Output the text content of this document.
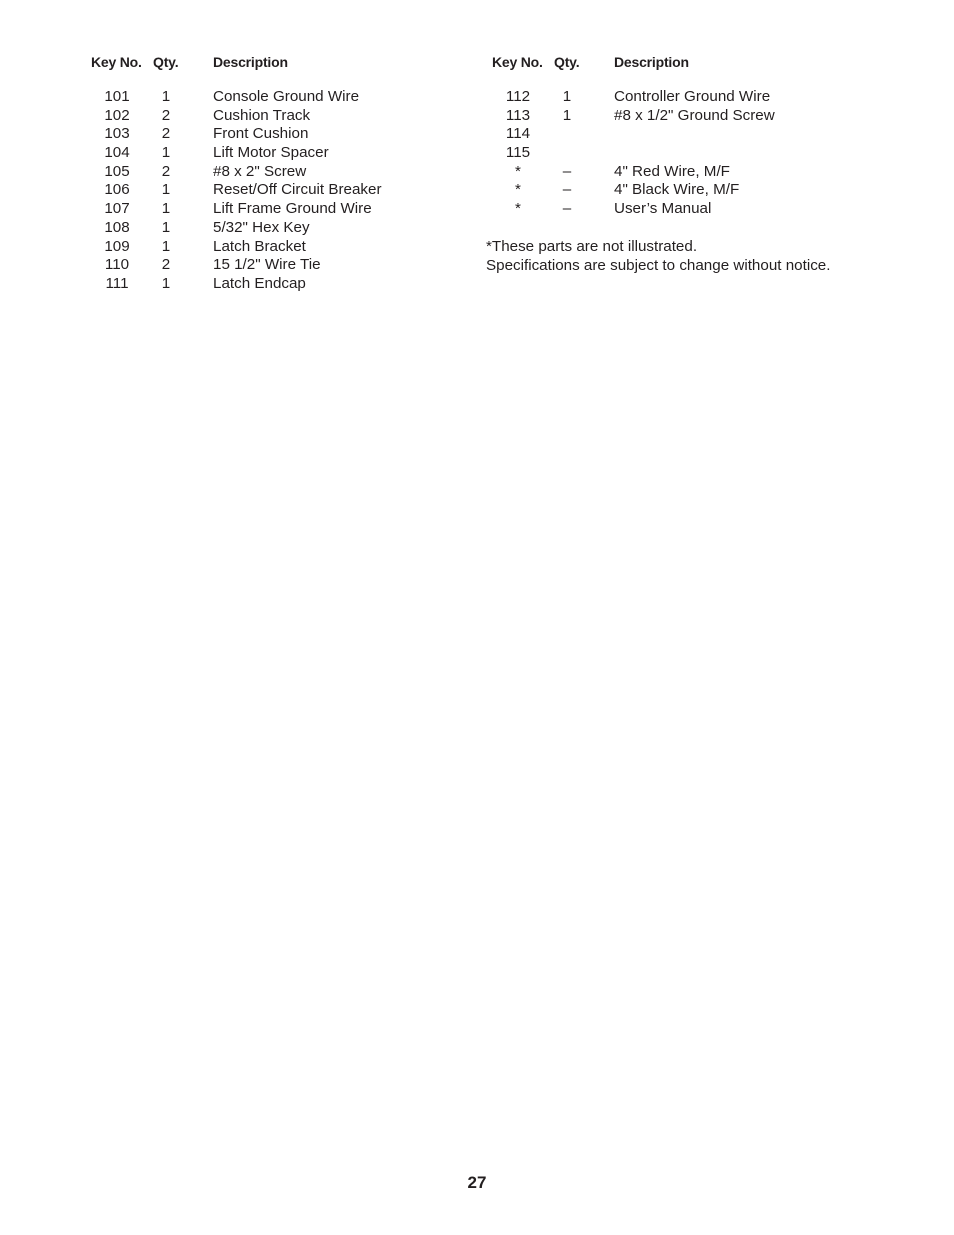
Key No. Qty. Description
101	1	Console Ground Wire
102	2	Cushion Track
103	2	Front Cushion
104	1	Lift Motor Spacer
105	2	#8 x 2" Screw
106	1	Reset/Off Circuit Breaker
107	1	Lift Frame Ground Wire
108	1	5/32" Hex Key
109	1	Latch Bracket
110	2	15 1/2" Wire Tie
111	1	Latch Endcap
Key No. Qty. Description
112	1	Controller Ground Wire
113	1	#8 x 1/2" Ground Screw
114
115
*	–	4" Red Wire, M/F
*	–	4" Black Wire, M/F
*	–	User’s Manual
*These parts are not illustrated.
Specifications are subject to change without notice.
27
